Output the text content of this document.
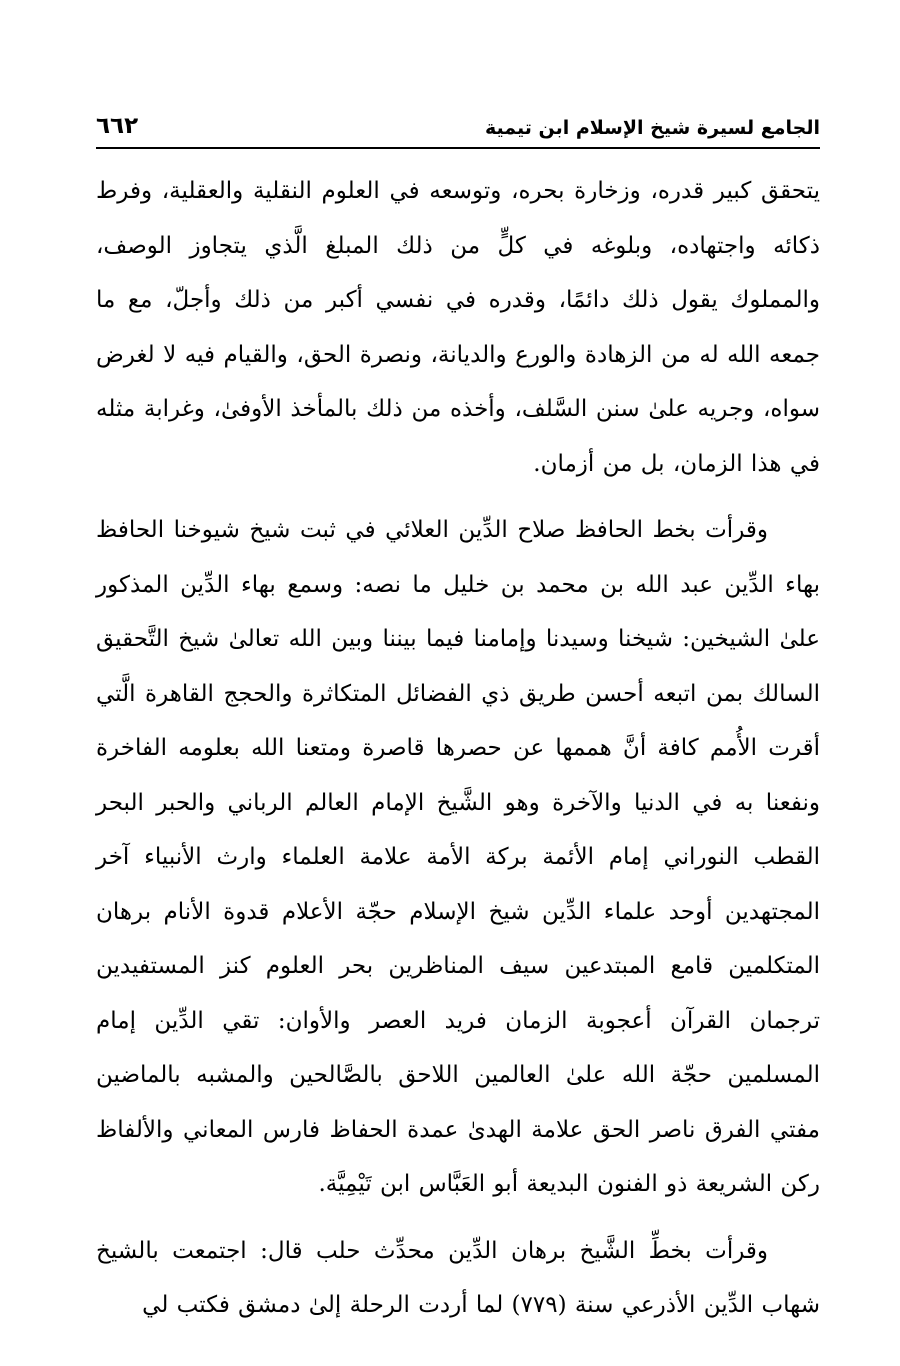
الجامع لسيرة شيخ الإسلام ابن تيمية
٦٦٢

يتحقق كبير قدره، وزخارة بحره، وتوسعه في العلوم النقلية والعقلية، وفرط ذكائه واجتهاده، وبلوغه في كلٍّ من ذلك المبلغ الَّذي يتجاوز الوصف، والمملوك يقول ذلك دائمًا، وقدره في نفسي أكبر من ذلك وأجلّ، مع ما جمعه الله له من الزهادة والورع والديانة، ونصرة الحق، والقيام فيه لا لغرض سواه، وجريه علىٰ سنن السَّلف، وأخذه من ذلك بالمأخذ الأوفىٰ، وغرابة مثله في هذا الزمان، بل من أزمان.

وقرأت بخط الحافظ صلاح الدِّين العلائي في ثبت شيخ شيوخنا الحافظ بهاء الدِّين عبد الله بن محمد بن خليل ما نصه: وسمع بهاء الدِّين المذكور علىٰ الشيخين: شيخنا وسيدنا وإمامنا فيما بيننا وبين الله تعالىٰ شيخ التَّحقيق السالك بمن اتبعه أحسن طريق ذي الفضائل المتكاثرة والحجج القاهرة الَّتي أقرت الأُمم كافة أنَّ هممها عن حصرها قاصرة ومتعنا الله بعلومه الفاخرة ونفعنا به في الدنيا والآخرة وهو الشَّيخ الإمام العالم الرباني والحبر البحر القطب النوراني إمام الأئمة بركة الأمة علامة العلماء وارث الأنبياء آخر المجتهدين أوحد علماء الدِّين شيخ الإسلام حجّة الأعلام قدوة الأنام برهان المتكلمين قامع المبتدعين سيف المناظرين بحر العلوم كنز المستفيدين ترجمان القرآن أعجوبة الزمان فريد العصر والأوان: تقي الدِّين إمام المسلمين حجّة الله علىٰ العالمين اللاحق بالصَّالحين والمشبه بالماضين مفتي الفرق ناصر الحق علامة الهدىٰ عمدة الحفاظ فارس المعاني والألفاظ ركن الشريعة ذو الفنون البديعة أبو العَبَّاس ابن تَيْمِيَّة.

وقرأت بخطِّ الشَّيخ برهان الدِّين محدِّث حلب قال: اجتمعت بالشيخ شهاب الدِّين الأذرعي سنة (٧٧٩) لما أردت الرحلة إلىٰ دمشق فكتب لي
